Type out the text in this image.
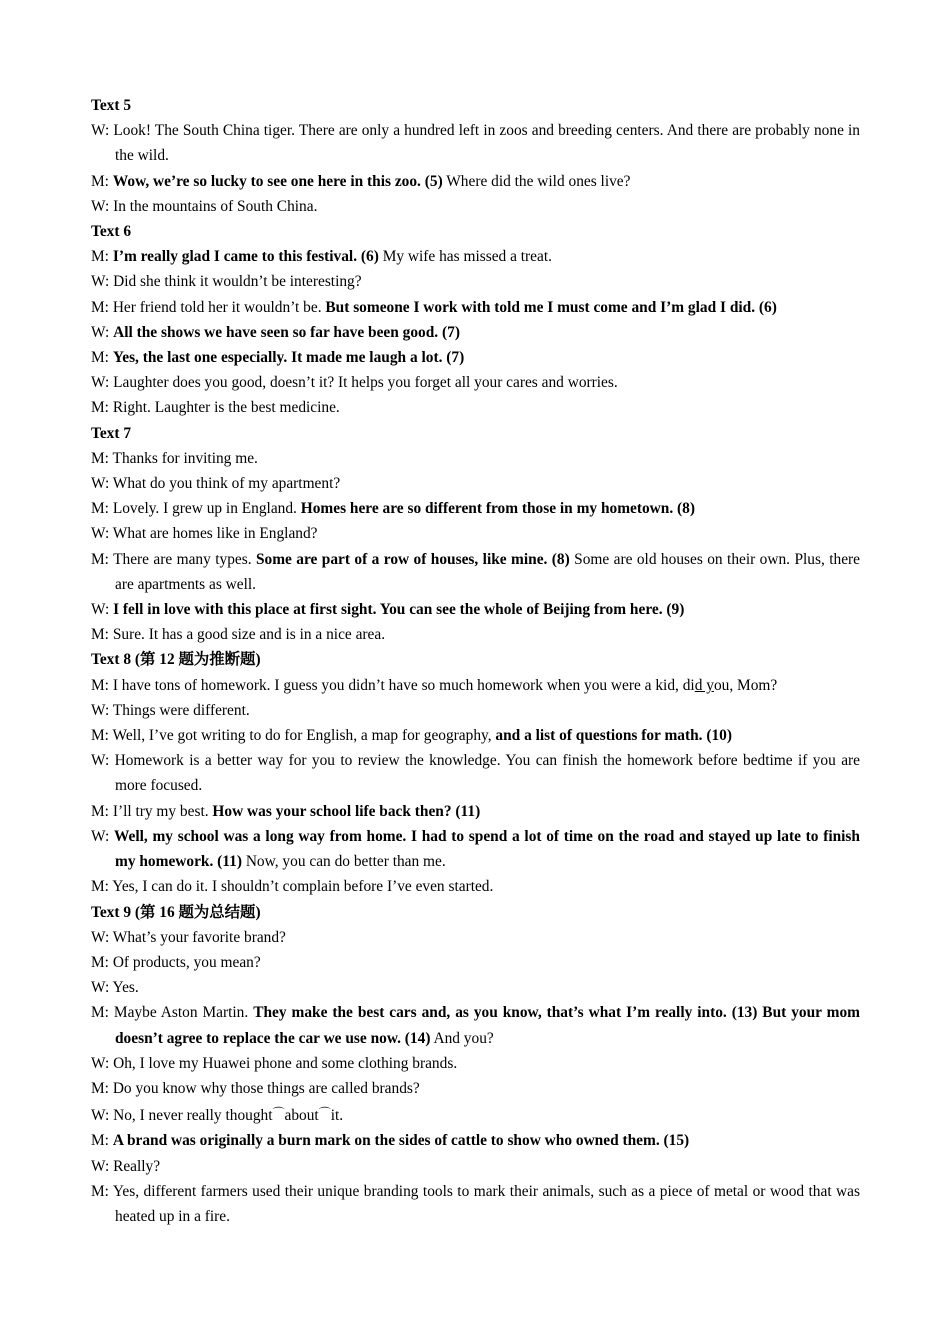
Text 5
W: Look! The South China tiger. There are only a hundred left in zoos and breeding centers. And there are probably none in the wild.
M: Wow, we’re so lucky to see one here in this zoo. (5) Where did the wild ones live?
W: In the mountains of South China.
Text 6
M: I’m really glad I came to this festival. (6) My wife has missed a treat.
W: Did she think it wouldn’t be interesting?
M: Her friend told her it wouldn’t be. But someone I work with told me I must come and I’m glad I did. (6)
W: All the shows we have seen so far have been good. (7)
M: Yes, the last one especially. It made me laugh a lot. (7)
W: Laughter does you good, doesn’t it? It helps you forget all your cares and worries.
M: Right. Laughter is the best medicine.
Text 7
M: Thanks for inviting me.
W: What do you think of my apartment?
M: Lovely. I grew up in England. Homes here are so different from those in my hometown. (8)
W: What are homes like in England?
M: There are many types. Some are part of a row of houses, like mine. (8) Some are old houses on their own. Plus, there are apartments as well.
W: I fell in love with this place at first sight. You can see the whole of Beijing from here. (9)
M: Sure. It has a good size and is in a nice area.
Text 8 (第 12 题为推断题)
M: I have tons of homework. I guess you didn’t have so much homework when you were a kid, did you, Mom?
W: Things were different.
M: Well, I’ve got writing to do for English, a map for geography, and a list of questions for math. (10)
W: Homework is a better way for you to review the knowledge. You can finish the homework before bedtime if you are more focused.
M: I’ll try my best. How was your school life back then? (11)
W: Well, my school was a long way from home. I had to spend a lot of time on the road and stayed up late to finish my homework. (11) Now, you can do better than me.
M: Yes, I can do it. I shouldn’t complain before I’ve even started.
Text 9 (第 16 题为总结题)
W: What’s your favorite brand?
M: Of products, you mean?
W: Yes.
M: Maybe Aston Martin. They make the best cars and, as you know, that’s what I’m really into. (13) But your mom doesn’t agree to replace the car we use now. (14) And you?
W: Oh, I love my Huawei phone and some clothing brands.
M: Do you know why those things are called brands?
W: No, I never really thought⌒about⌒it.
M: A brand was originally a burn mark on the sides of cattle to show who owned them. (15)
W: Really?
M: Yes, different farmers used their unique branding tools to mark their animals, such as a piece of metal or wood that was heated up in a fire.
